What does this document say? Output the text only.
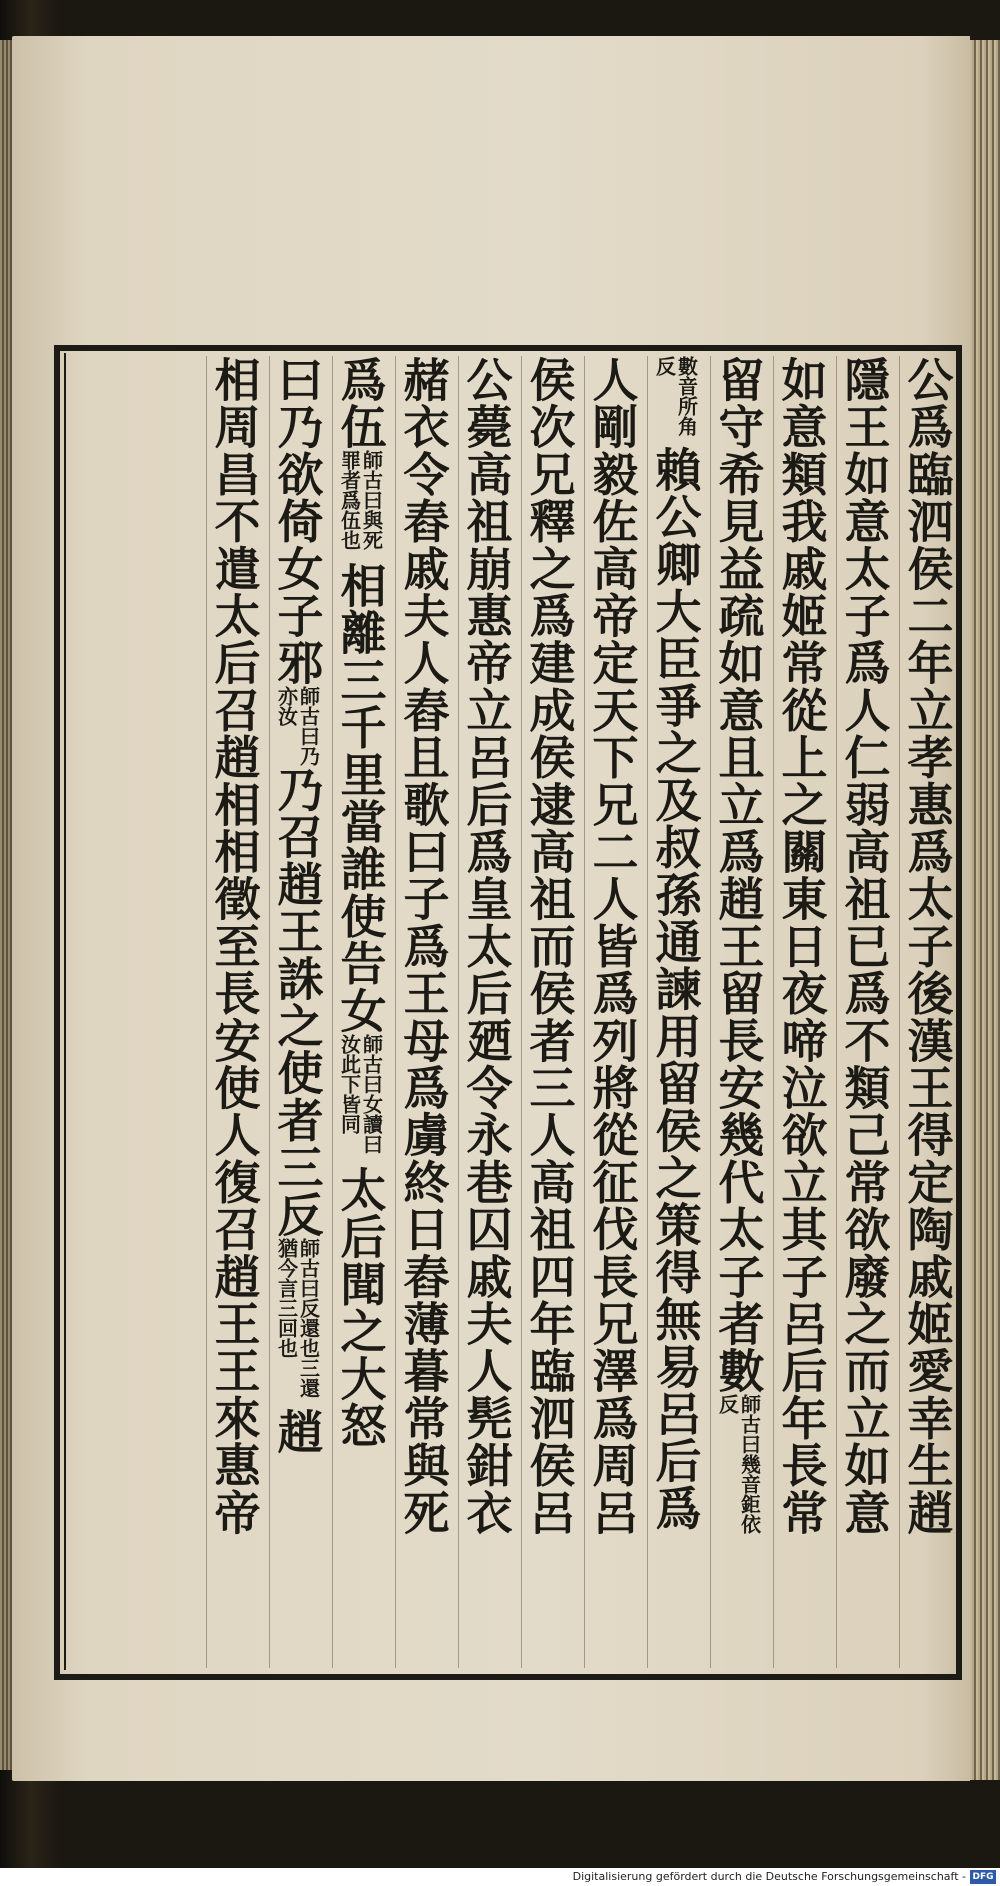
公爲臨泗侯二年立孝惠爲太子後漢王得定陶戚姬愛幸生趙
隱王如意太子爲人仁弱高祖已爲不類己常欲廢之而立如意
如意類我戚姬常從上之關東日夜啼泣欲立其子呂后年長常
留守希見益疏如意且立爲趙王留長安幾代太子者數
師古曰幾音鉅依反
數音所角反
賴公卿大臣爭之及叔孫通諫用留侯之策得無易呂后爲
人剛毅佐高帝定天下兄二人皆爲列將從征伐長兄澤爲周呂
侯次兄釋之爲建成侯逮高祖而侯者三人高祖四年臨泗侯呂
公薨高祖崩惠帝立呂后爲皇太后廼令永巷囚戚夫人髡鉗衣
赭衣令舂戚夫人舂且歌曰子爲王母爲虜終日舂薄暮常與死
爲伍
師古曰與死罪者爲伍也
相離三千里當誰使告女
師古曰女讀曰汝此下皆同
太后聞之大怒
曰乃欲倚女子邪
師古曰乃亦汝
乃召趙王誅之使者三反
師古曰反還也三還猶今言三回也
趙
相周昌不遣太后召趙相相徵至長安使人復召趙王王來惠帝
Digitalisierung gefördert durch die Deutsche Forschungsgemeinschaft - DFG
